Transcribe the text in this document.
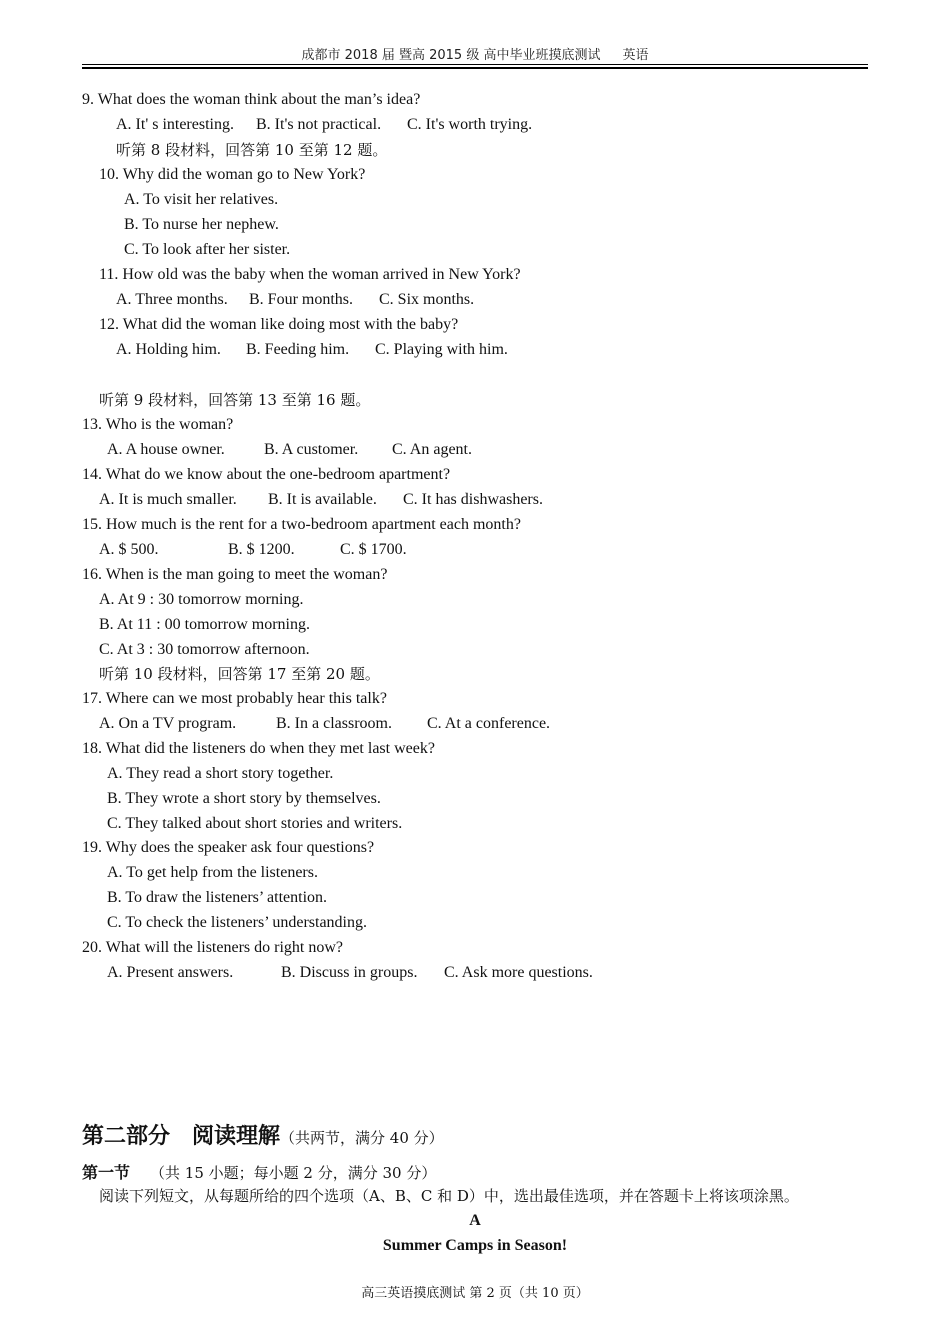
成都市 2018 届 暨高 2015 级 高中毕业班摸底测试 英语
9. What does the woman think about the man’s idea?
A. It' s interesting. B. It's not practical. C. It's worth trying.
听第 8 段材料，回答第 10 至第 12 题。
10. Why did the woman go to New York?
A. To visit her relatives.
B. To nurse her nephew.
C. To look after her sister.
11. How old was the baby when the woman arrived in New York?
A. Three months. B. Four months. C. Six months.
12. What did the woman like doing most with the baby?
A. Holding him. B. Feeding him. C. Playing with him.
听第 9 段材料，回答第 13 至第 16 题。
13. Who is the woman?
A. A house owner. B. A customer. C. An agent.
14. What do we know about the one-bedroom apartment?
A. It is much smaller. B. It is available. C. It has dishwashers.
15. How much is the rent for a two-bedroom apartment each month?
A. $ 500.	B. $ 1200.	C. $ 1700.
16. When is the man going to meet the woman?
A. At 9 : 30 tomorrow morning.
B. At 11 : 00 tomorrow morning.
C. At 3 : 30 tomorrow afternoon.
听第 10 段材料，回答第 17 至第 20 题。
17. Where can we most probably hear this talk?
A. On a TV program. B. In a classroom. C. At a conference.
18. What did the listeners do when they met last week?
A. They read a short story together.
B. They wrote a short story by themselves.
C. They talked about short stories and writers.
19. Why does the speaker ask four questions?
A. To get help from the listeners.
B. To draw the listeners’ attention.
C. To check the listeners’ understanding.
20. What will the listeners do right now?
A. Present answers.	B. Discuss in groups. C. Ask more questions.
第二部分　阅读理解（共两节，满分 40 分）
第一节 （共 15 小题；每小题 2 分，满分 30 分）
阅读下列短文，从每题所给的四个选项（A、B、C 和 D）中，选出最佳选项，并在答题卡上将该项涂黑。
A
Summer Camps in Season!
高三英语摸底测试 第 2 页（共 10 页）
